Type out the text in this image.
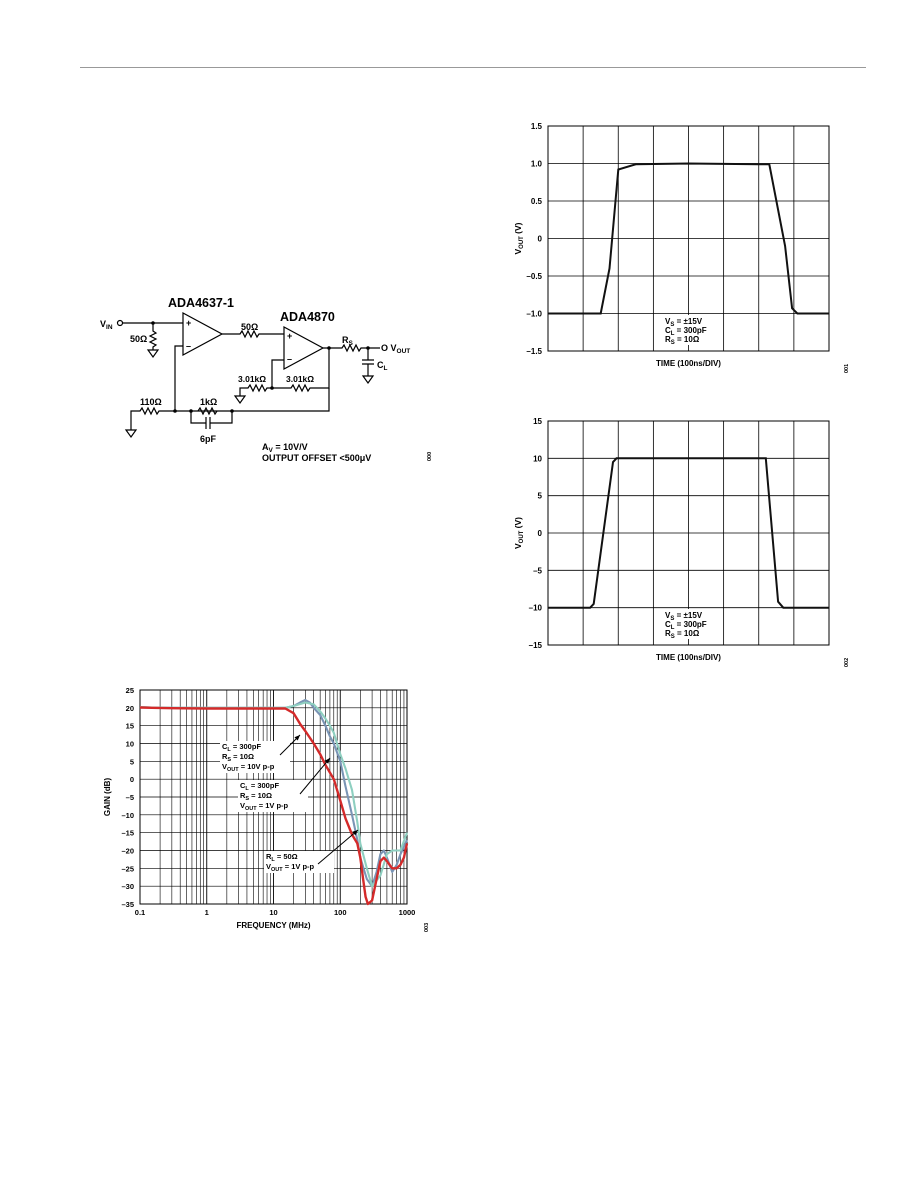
+
–
+
–
ADA4637-1
ADA4870
$V_{IN}$
50Ω
50Ω
$R_S$	O $V_{OUT}$
$C_L$
3.01kΩ 3.01kΩ
110Ω	1kΩ
6pF
$A_V = 10V/V$
OUTPUT OFFSET <500μV	000
1.5
1.0
0.5
0
–0.5
–1.0
–1.5
$V_S = \pm 15V$
$C_L = 300pF$
$R_S = 10\Omega$
TIME (100ns/DIV)
$V_{OUT}$ (V)
001
15
10
5
0
–5
–10
–15
$V_S = \pm 15V$
$C_L = 300pF$
$R_S = 10\Omega$
TIME (100ns/DIV)
$V_{OUT}$ (V)
002
25
20
15
10
5
0
–5
–10
–15
–20
–25
–30
–35
0.1	1	10	100	1000
$C_L = 300pF$
$R_S = 10\Omega$
$V_{OUT} = 10V$ p-p
$C_L = 300pF$
$R_S = 10\Omega$
$V_{OUT} = 1V$ p-p
$R_L = 50\Omega$
$V_{OUT} = 1V$ p-p
FREQUENCY (MHz)
GAIN (dB)
003
